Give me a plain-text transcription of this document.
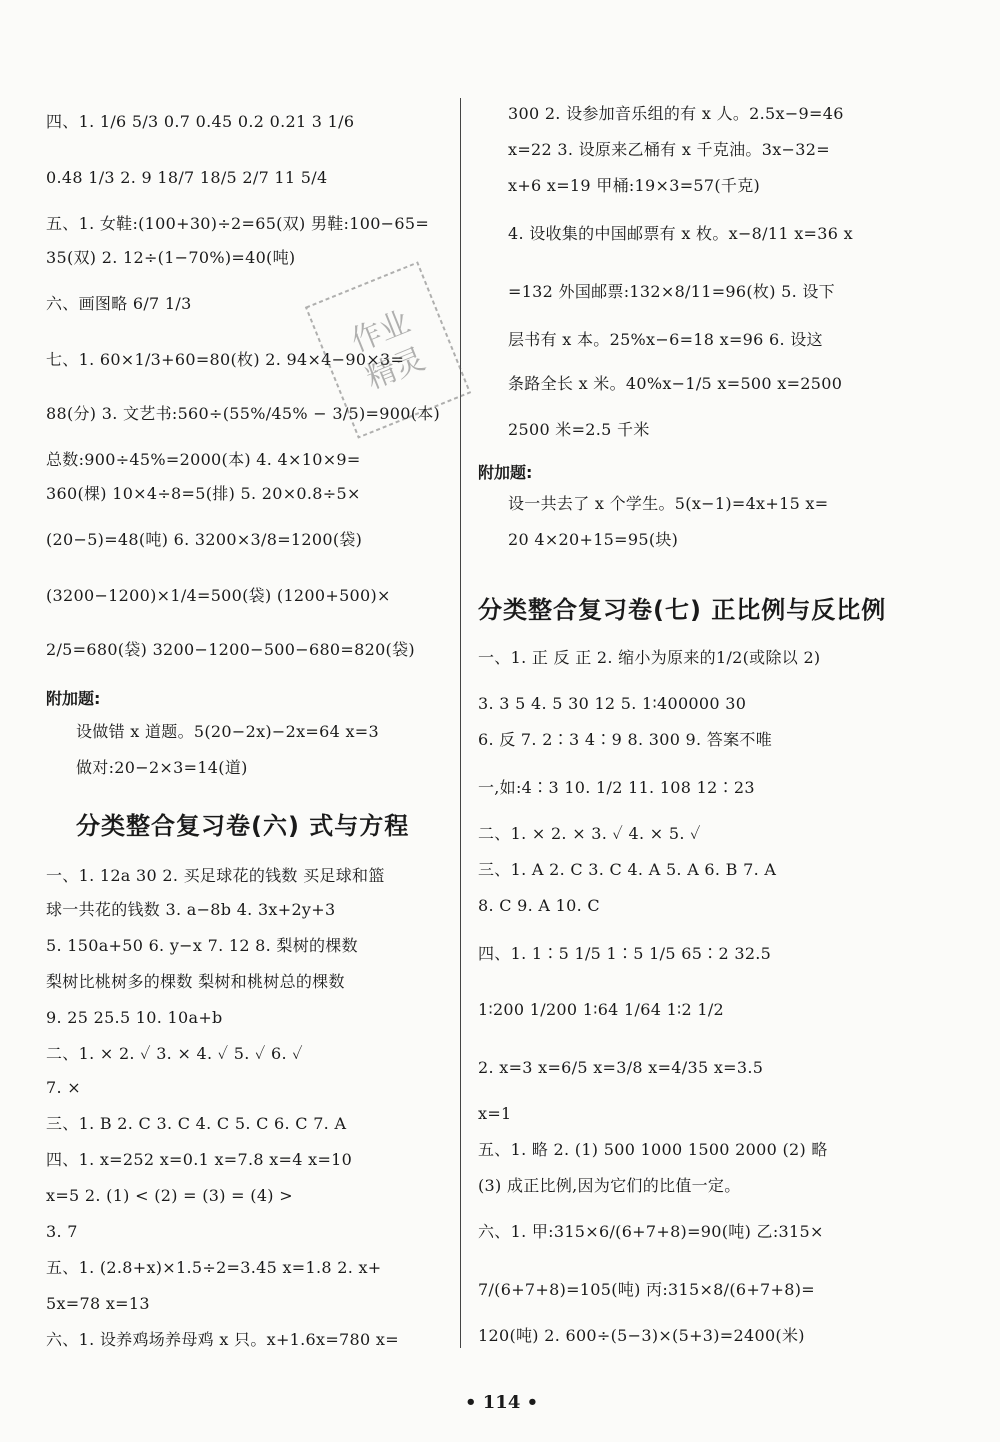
四、1. 1/6 5/3 0.7 0.45 0.2 0.21 3 1/6
0.48 1/3 2. 9 18/7 18/5 2/7 11 5/4
五、1. 女鞋:(100+30)÷2=65(双) 男鞋:100−65=
35(双) 2. 12÷(1−70%)=40(吨)
六、画图略 6/7 1/3
七、1. 60×1/3+60=80(枚) 2. 94×4−90×3=
88(分) 3. 文艺书:560÷(55%/45% − 3/5)=900(本)
总数:900÷45%=2000(本) 4. 4×10×9=
360(棵) 10×4÷8=5(排) 5. 20×0.8÷5×
(20−5)=48(吨) 6. 3200×3/8=1200(袋)
(3200−1200)×1/4=500(袋) (1200+500)×
2/5=680(袋) 3200−1200−500−680=820(袋)
附加题:
设做错 x 道题。5(20−2x)−2x=64 x=3
做对:20−2×3=14(道)
分类整合复习卷(六) 式与方程
一、1. 12a 30 2. 买足球花的钱数 买足球和篮
球一共花的钱数 3. a−8b 4. 3x+2y+3
5. 150a+50 6. y−x 7. 12 8. 梨树的棵数
梨树比桃树多的棵数 梨树和桃树总的棵数
9. 25 25.5 10. 10a+b
二、1. × 2. ✓ 3. × 4. ✓ 5. ✓ 6. ✓
7. ×
三、1. B 2. C 3. C 4. C 5. C 6. C 7. A
四、1. x=252 x=0.1 x=7.8 x=4 x=10
x=5 2. (1) < (2) = (3) = (4) >
3. 7
五、1. (2.8+x)×1.5÷2=3.45 x=1.8 2. x+
5x=78 x=13
六、1. 设养鸡场养母鸡 x 只。x+1.6x=780 x=
300 2. 设参加音乐组的有 x 人。2.5x−9=46
x=22 3. 设原来乙桶有 x 千克油。3x−32=
x+6 x=19 甲桶:19×3=57(千克)
4. 设收集的中国邮票有 x 枚。x−8/11 x=36 x
=132 外国邮票:132×8/11=96(枚) 5. 设下
层书有 x 本。25%x−6=18 x=96 6. 设这
条路全长 x 米。40%x−1/5 x=500 x=2500
2500 米=2.5 千米
附加题:
设一共去了 x 个学生。5(x−1)=4x+15 x=
20 4×20+15=95(块)
分类整合复习卷(七) 正比例与反比例
一、1. 正 反 正 2. 缩小为原来的1/2(或除以 2)
3. 3 5 4. 5 30 12 5. 1∶400000 30
6. 反 7. 2∶3 4∶9 8. 300 9. 答案不唯
一,如:4∶3 10. 1/2 11. 108 12∶23
二、1. × 2. × 3. ✓ 4. × 5. ✓
三、1. A 2. C 3. C 4. A 5. A 6. B 7. A
8. C 9. A 10. C
四、1. 1∶5 1/5 1∶5 1/5 65∶2 32.5
1∶200 1/200 1∶64 1/64 1∶2 1/2
2. x=3 x=6/5 x=3/8 x=4/35 x=3.5
x=1
五、1. 略 2. (1) 500 1000 1500 2000 (2) 略
(3) 成正比例,因为它们的比值一定。
六、1. 甲:315×6/(6+7+8)=90(吨) 乙:315×
7/(6+7+8)=105(吨) 丙:315×8/(6+7+8)=
120(吨) 2. 600÷(5−3)×(5+3)=2400(米)
作业
精灵
• 114 •
